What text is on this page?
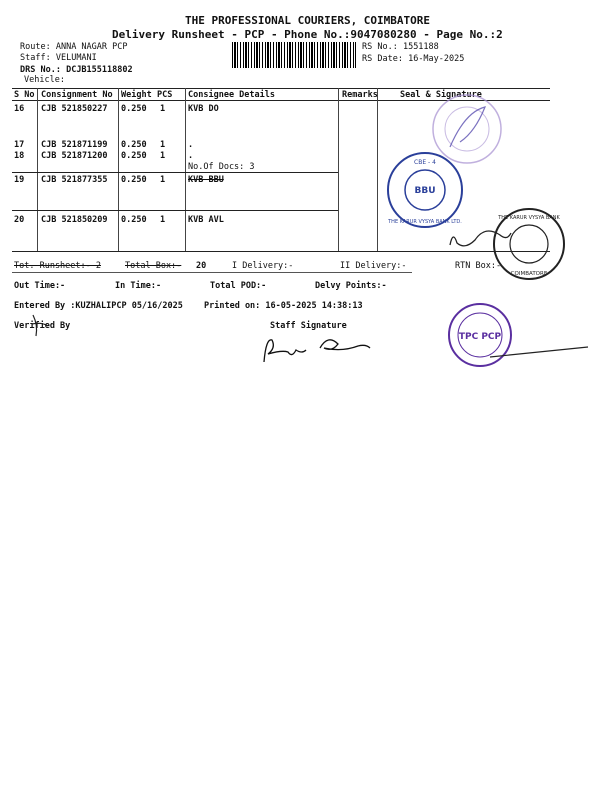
THE PROFESSIONAL COURIERS, COIMBATORE
Delivery Runsheet - PCP - Phone No.:9047080280 - Page No.:2
Route: ANNA NAGAR PCP
Staff: VELUMANI
DRS No.: DCJB155118802
Vehicle:
RS No.: 1551188
RS Date: 16-May-2025
S No Consignment No Weight PCS Consignee Details	Remarks	Seal & Signature
16 CJB 521850227 0.250 1	KVB DO
17 CJB 521871199 0.250 1	.
18 CJB 521871200 0.250 1	.
No.Of Docs: 3
19 CJB 521877355 0.250 1	KVB BBU
20 CJB 521850209 0.250 1	KVB AVL
Tot. Runsheet:- 2	Total Box:- 20	I Delivery:-	II Delivery:-	RTN Box:-
Out Time:-	In Time:-	Total POD:-	Delvy Points:-
Entered By :KUZHALIPCP 05/16/2025 Printed on: 16-05-2025 14:38:13
Verified By	Staff Signature
BBU
CBE - 4
THE KARUR VYSYA BANK LTD.
THE KARUR VYSYA BANK
COIMBATORE
TPC PCP
